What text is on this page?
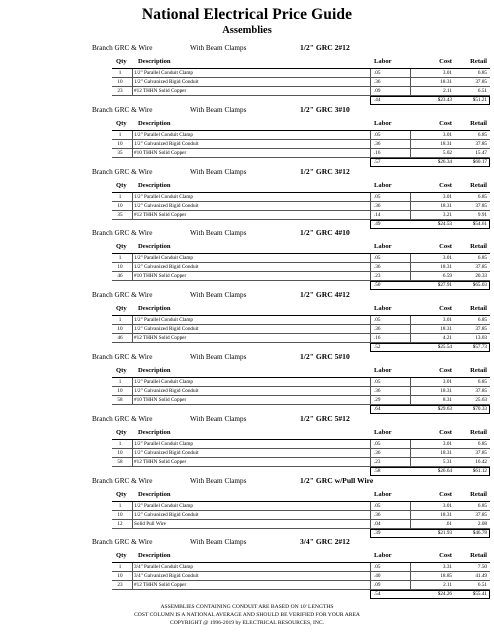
National Electrical Price Guide
Assemblies
Branch GRC & Wire	With Beam Clamps	1/2" GRC 2#12
Qty Description	Labor	Cost	Retail
1	1/2" Parallel Conduit Clamp	.05	3.01	6.85
10	1/2" Galvanized Rigid Conduit	.36	18.31	37.85
23	#12 THHN Solid Copper	.09	2.11	6.51
.44	$23.43	$51.21
Branch GRC & Wire	With Beam Clamps	1/2" GRC 3#10
Qty Description	Labor	Cost	Retail
1	1/2" Parallel Conduit Clamp	.05	3.01	6.85
10	1/2" Galvanized Rigid Conduit	.36	18.31	37.85
35	#10 THHN Solid Copper	.16	5.02	15.47
.57	$26.34	$60.17
Branch GRC & Wire	With Beam Clamps	1/2" GRC 3#12
Qty Description	Labor	Cost	Retail
1	1/2" Parallel Conduit Clamp	.05	3.01	6.85
10	1/2" Galvanized Rigid Conduit	.36	18.31	37.85
35	#12 THHN Solid Copper	.14	3.21	9.91
.49	$24.53	$54.61
Branch GRC & Wire	With Beam Clamps	1/2" GRC 4#10
Qty Description	Labor	Cost	Retail
1	1/2" Parallel Conduit Clamp	.05	3.01	6.85
10	1/2" Galvanized Rigid Conduit	.36	18.31	37.85
46	#10 THHN Solid Copper	.23	6.59	20.33
.50	$27.91	$65.03
Branch GRC & Wire	With Beam Clamps	1/2" GRC 4#12
Qty Description	Labor	Cost	Retail
1	1/2" Parallel Conduit Clamp	.05	3.01	6.85
10	1/2" Galvanized Rigid Conduit	.36	18.31	37.85
46	#12 THHN Solid Copper	.16	4.21	13.03
.52	$25.54	$57.73
Branch GRC & Wire	With Beam Clamps	1/2" GRC 5#10
Qty Description	Labor	Cost	Retail
1	1/2" Parallel Conduit Clamp	.05	3.01	6.85
10	1/2" Galvanized Rigid Conduit	.36	18.31	37.85
58	#10 THHN Solid Copper	.29	8.31	25.63
.64	$29.63	$70.33
Branch GRC & Wire	With Beam Clamps	1/2" GRC 5#12
Qty Description	Labor	Cost	Retail
1	1/2" Parallel Conduit Clamp	.05	3.01	6.85
10	1/2" Galvanized Rigid Conduit	.36	18.31	37.85
58	#12 THHN Solid Copper	.23	5.31	16.42
.58	$26.64	$61.12
Branch GRC & Wire	With Beam Clamps	1/2" GRC w/Pull Wire
Qty Description	Labor	Cost	Retail
1	1/2" Parallel Conduit Clamp	.05	3.01	6.85
10	1/2" Galvanized Rigid Conduit	.36	18.31	37.85
12	Solid Pull Wire	.04	.61	2.08
.39	$21.93	$46.78
Branch GRC & Wire	With Beam Clamps	3/4" GRC 2#12
Qty Description	Labor	Cost	Retail
1	3/4" Parallel Conduit Clamp	.05	3.31	7.50
10	3/4" Galvanized Rigid Conduit	.40	18.85	41.49
23	#12 THHN Solid Copper	.09	2.11	6.51
.54	$24.26	$55.41
ASSEMBLIES CONTAINING CONDUIT ARE BASED ON 10' LENGTHS
COST COLUMN IS A NATIONAL AVERAGE AND SHOULD BE VERIFIED FOR YOUR AREA
COPYRIGHT @ 1996-2019 by ELECTRICAL RESOURCES, INC.
